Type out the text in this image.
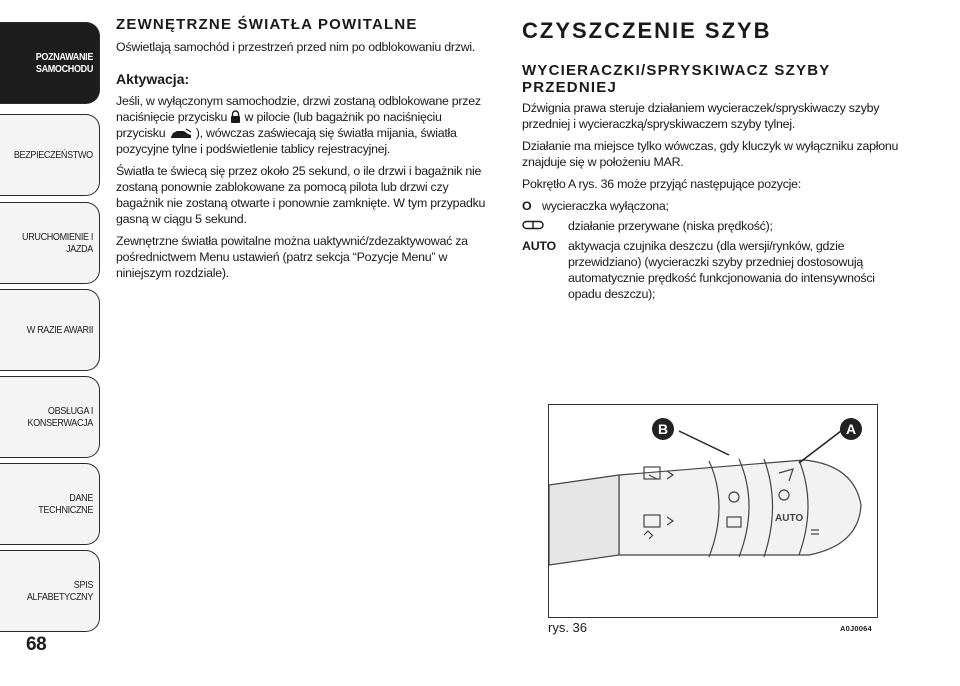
POZNAWANIE SAMOCHODU
BEZPIECZEŃSTWO
URUCHOMIENIE I JAZDA
W RAZIE AWARII
OBSŁUGA I KONSERWACJA
DANE TECHNICZNE
SPIS ALFABETYCZNY
68
ZEWNĘTRZNE ŚWIATŁA POWITALNE

Oświetlają samochód i przestrzeń przed nim po odblokowaniu drzwi.

Aktywacja:

Jeśli, w wyłączonym samochodzie, drzwi zostaną odblokowane przez naciśnięcie przycisku w pilocie (lub bagażnik po naciśnięciu przycisku ), wówczas zaświecają się światła mijania, światła pozycyjne tylne i podświetlenie tablicy rejestracyjnej.

Światła te świecą się przez około 25 sekund, o ile drzwi i bagażnik nie zostaną ponownie zablokowane za pomocą pilota lub drzwi czy bagażnik nie zostaną otwarte i ponownie zamknięte. W tym przypadku gasną w ciągu 5 sekund.

Zewnętrzne światła powitalne można uaktywnić/zdezaktywować za pośrednictwem Menu ustawień (patrz sekcja “Pozycje Menu” w niniejszym rozdziale).

CZYSZCZENIE SZYB
WYCIERACZKI/SPRYSKIWACZ SZYBY PRZEDNIEJ

Dźwignia prawa steruje działaniem wycieraczek/spryskiwaczy szyby przedniej i wycieraczką/spryskiwaczem szyby tylnej.

Działanie ma miejsce tylko wówczas, gdy kluczyk w wyłączniku zapłonu znajduje się w położeniu MAR.

Pokrętło A rys. 36 może przyjąć następujące pozycje:

O wycieraczka wyłączona;
działanie przerywane (niska prędkość);
AUTO aktywacja czujnika deszczu (dla wersji/rynków, gdzie przewidziano) (wycieraczki szyby przedniej dostosowują automatycznie prędkość funkcjonowania do intensywności opadu deszczu);
AUTO
B	A
rys. 36	A0J0064
